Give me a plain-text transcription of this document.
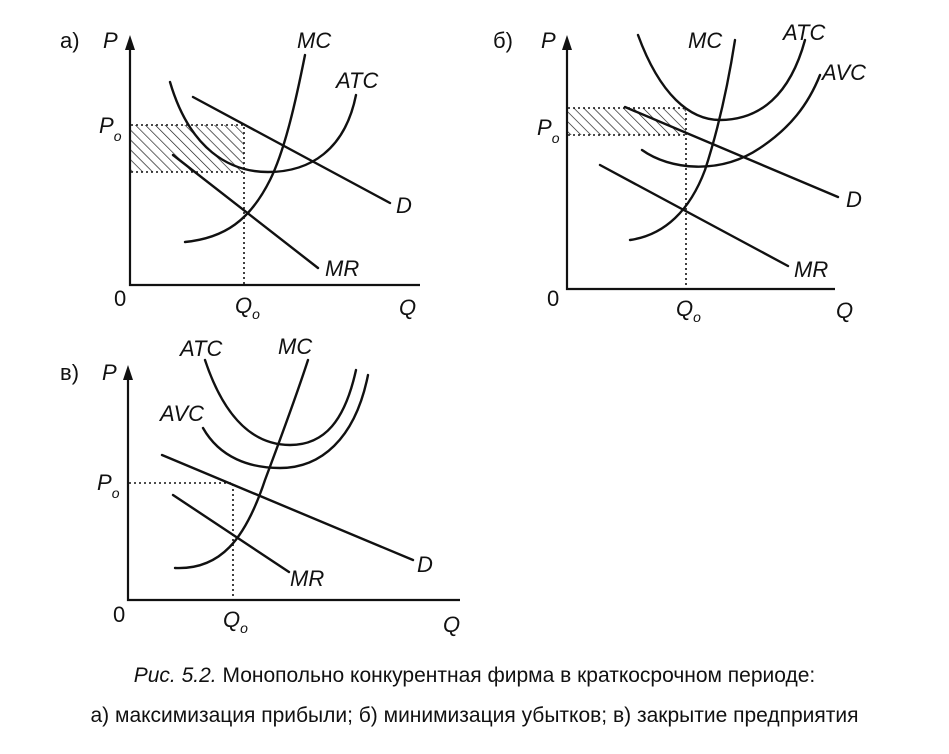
а) P	MC
ATC
D
MR
0	Q
$P_o$
$Q_o$
б) P	MC	ATC
AVC
D
MR
0	Q
$P_o$
$Q_o$
в) P
MC
ATC
AVC
D
MR
0	Q
$P_o$
$Q_o$
Рис. 5.2. Монопольно конкурентная фирма в краткосрочном периоде:
а) максимизация прибыли; б) минимизация убытков; в) закрытие предприятия
